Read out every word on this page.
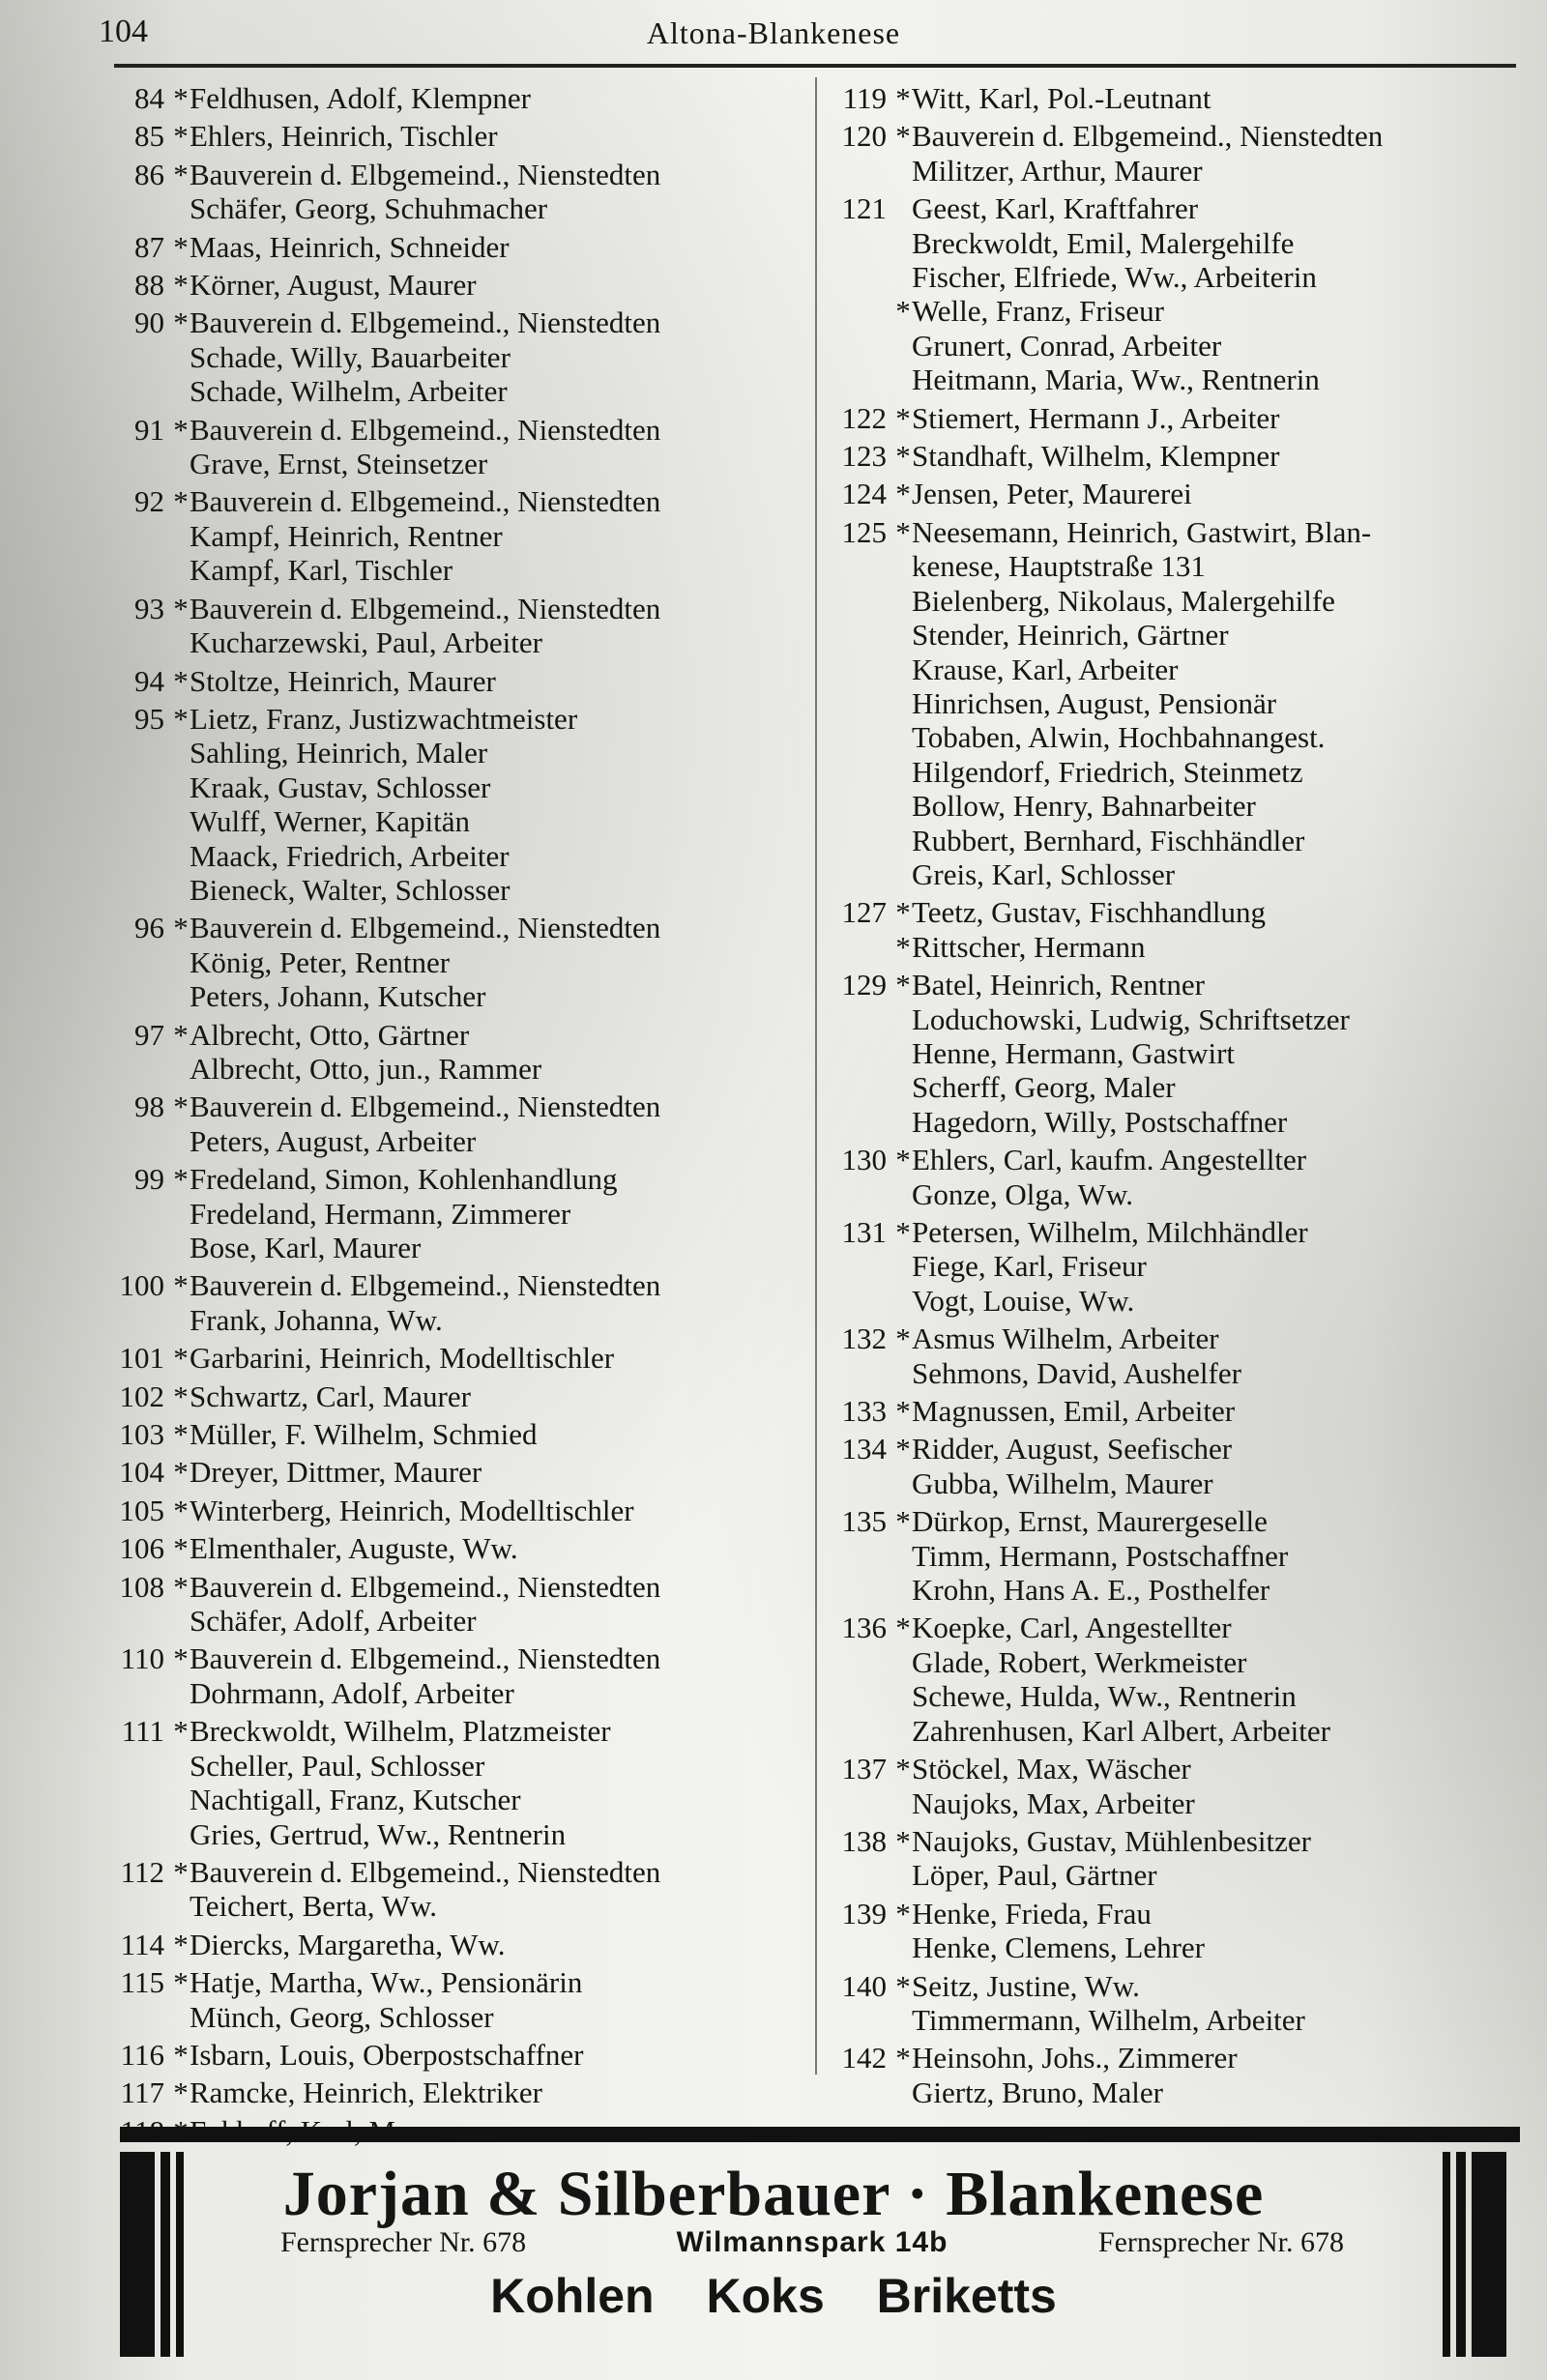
104	Altona-Blankenese
84 * Feldhusen, Adolf, Klempner
85 * Ehlers, Heinrich, Tischler
86 * Bauverein d. Elbgemeind., Nienstedten
Schäfer, Georg, Schuhmacher
87 * Maas, Heinrich, Schneider
88 * Körner, August, Maurer
90 * Bauverein d. Elbgemeind., Nienstedten
Schade, Willy, Bauarbeiter
Schade, Wilhelm, Arbeiter
91 * Bauverein d. Elbgemeind., Nienstedten
Grave, Ernst, Steinsetzer
92 * Bauverein d. Elbgemeind., Nienstedten
Kampf, Heinrich, Rentner
Kampf, Karl, Tischler
93 * Bauverein d. Elbgemeind., Nienstedten
Kucharzewski, Paul, Arbeiter
94 * Stoltze, Heinrich, Maurer
95 * Lietz, Franz, Justizwachtmeister
Sahling, Heinrich, Maler
Kraak, Gustav, Schlosser
Wulff, Werner, Kapitän
Maack, Friedrich, Arbeiter
Bieneck, Walter, Schlosser
96 * Bauverein d. Elbgemeind., Nienstedten
König, Peter, Rentner
Peters, Johann, Kutscher
97 * Albrecht, Otto, Gärtner
Albrecht, Otto, jun., Rammer
98 * Bauverein d. Elbgemeind., Nienstedten
Peters, August, Arbeiter
99 * Fredeland, Simon, Kohlenhandlung
Fredeland, Hermann, Zimmerer
Bose, Karl, Maurer
100 * Bauverein d. Elbgemeind., Nienstedten
Frank, Johanna, Ww.
101 * Garbarini, Heinrich, Modelltischler
102 * Schwartz, Carl, Maurer
103 * Müller, F. Wilhelm, Schmied
104 * Dreyer, Dittmer, Maurer
105 * Winterberg, Heinrich, Modelltischler
106 * Elmenthaler, Auguste, Ww.
108 * Bauverein d. Elbgemeind., Nienstedten
Schäfer, Adolf, Arbeiter
110 * Bauverein d. Elbgemeind., Nienstedten
Dohrmann, Adolf, Arbeiter
111 * Breckwoldt, Wilhelm, Platzmeister
Scheller, Paul, Schlosser
Nachtigall, Franz, Kutscher
Gries, Gertrud, Ww., Rentnerin
112 * Bauverein d. Elbgemeind., Nienstedten
Teichert, Berta, Ww.
114 * Diercks, Margaretha, Ww.
115 * Hatje, Martha, Ww., Pensionärin
Münch, Georg, Schlosser
116 * Isbarn, Louis, Oberpostschaffner
117 * Ramcke, Heinrich, Elektriker
119 * Witt, Karl, Pol.-Leutnant
120 * Bauverein d. Elbgemeind., Nienstedten
Militzer, Arthur, Maurer
121 Geest, Karl, Kraftfahrer
Breckwoldt, Emil, Malergehilfe
Fischer, Elfriede, Ww., Arbeiterin
* Welle, Franz, Friseur
Grunert, Conrad, Arbeiter
Heitmann, Maria, Ww., Rentnerin
122 * Stiemert, Hermann J., Arbeiter
123 * Standhaft, Wilhelm, Klempner
124 * Jensen, Peter, Maurerei
125 * Neesemann, Heinrich, Gastwirt, Blan-
kenese, Hauptstraße 131
Bielenberg, Nikolaus, Malergehilfe
Stender, Heinrich, Gärtner
Krause, Karl, Arbeiter
Hinrichsen, August, Pensionär
Tobaben, Alwin, Hochbahnangest.
Hilgendorf, Friedrich, Steinmetz
Bollow, Henry, Bahnarbeiter
Rubbert, Bernhard, Fischhändler
Greis, Karl, Schlosser
127 * Teetz, Gustav, Fischhandlung
* Rittscher, Hermann
129 * Batel, Heinrich, Rentner
Loduchowski, Ludwig, Schriftsetzer
Henne, Hermann, Gastwirt
Scherff, Georg, Maler
Hagedorn, Willy, Postschaffner
130 * Ehlers, Carl, kaufm. Angestellter
Gonze, Olga, Ww.
131 * Petersen, Wilhelm, Milchhändler
Fiege, Karl, Friseur
Vogt, Louise, Ww.
132 * Asmus Wilhelm, Arbeiter
Sehmons, David, Aushelfer
133 * Magnussen, Emil, Arbeiter
134 * Ridder, August, Seefischer
Gubba, Wilhelm, Maurer
135 * Dürkop, Ernst, Maurergeselle
Timm, Hermann, Postschaffner
Krohn, Hans A. E., Posthelfer
136 * Koepke, Carl, Angestellter
Glade, Robert, Werkmeister
Schewe, Hulda, Ww., Rentnerin
Zahrenhusen, Karl Albert, Arbeiter
137 * Stöckel, Max, Wäscher
Naujoks, Max, Arbeiter
138 * Naujoks, Gustav, Mühlenbesitzer
Löper, Paul, Gärtner
139 * Henke, Frieda, Frau
Henke, Clemens, Lehrer
140 * Seitz, Justine, Ww.
Timmermann, Wilhelm, Arbeiter
142 * Heinsohn, Johs., Zimmerer
Giertz, Bruno, Maler
Jorjan & Silberbauer · Blankenese
Fernsprecher Nr. 678	Wilmannspark 14b	Fernsprecher Nr. 678
Kohlen Koks Briketts
